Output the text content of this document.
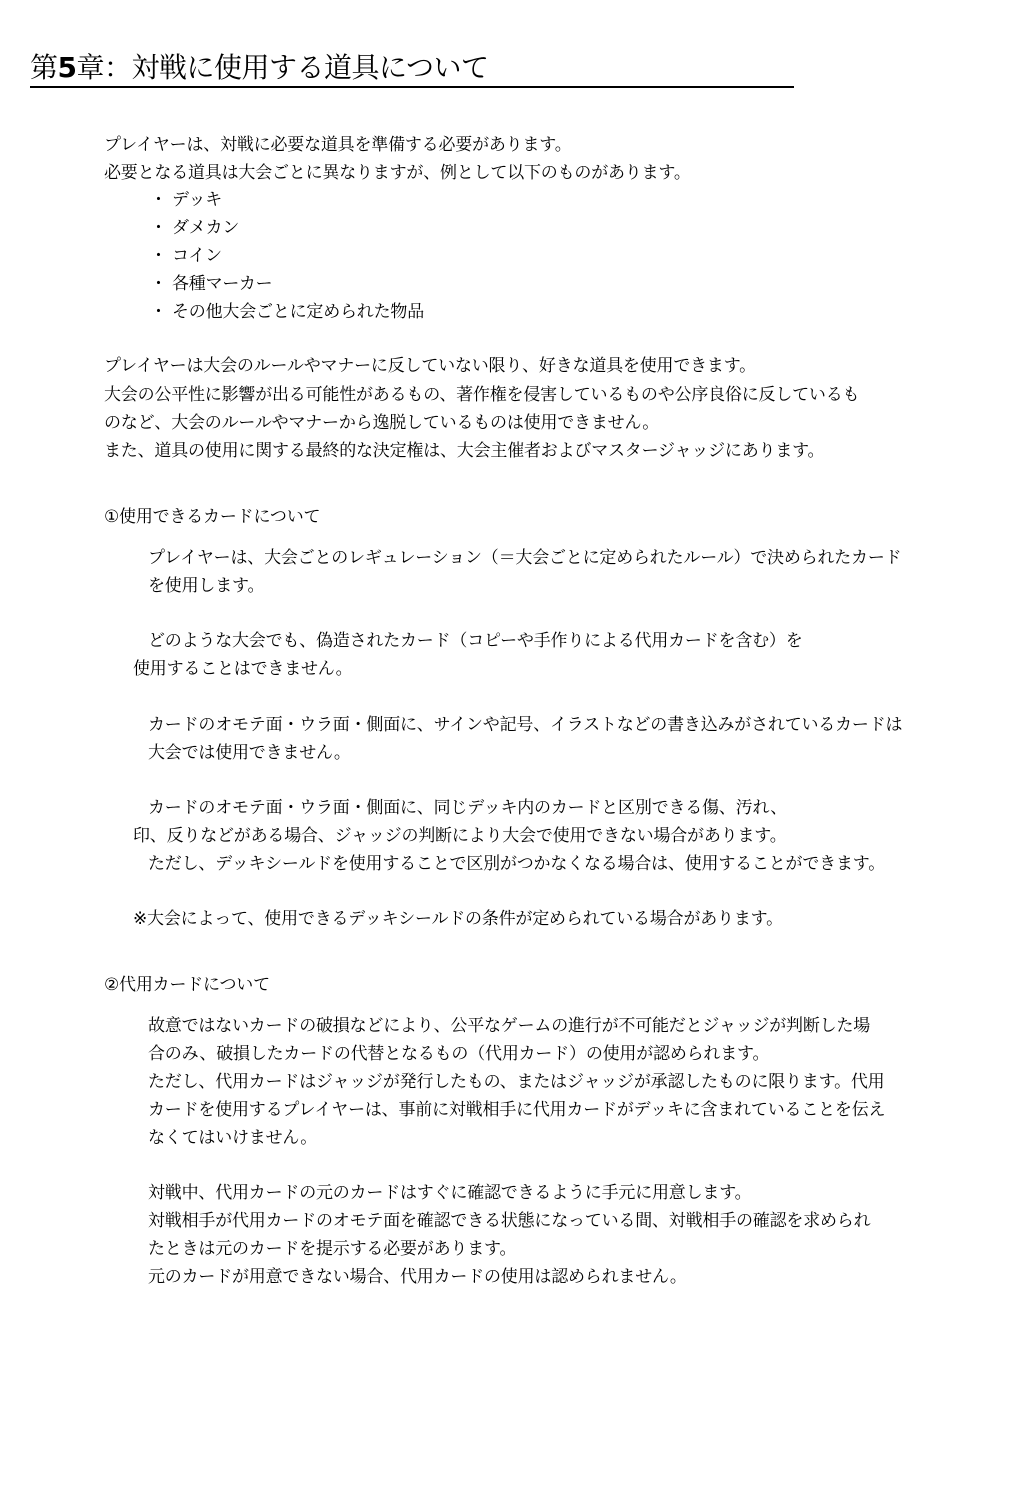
第5章：対戦に使用する道具について
プレイヤーは、対戦に必要な道具を準備する必要があります。
必要となる道具は大会ごとに異なりますが、例として以下のものがあります。
・ デッキ
・ ダメカン
・ コイン
・ 各種マーカー
・ その他大会ごとに定められた物品
プレイヤーは大会のルールやマナーに反していない限り、好きな道具を使用できます。
大会の公平性に影響が出る可能性があるもの、著作権を侵害しているものや公序良俗に反しているも
のなど、大会のルールやマナーから逸脱しているものは使用できません。
また、道具の使用に関する最終的な決定権は、大会主催者およびマスタージャッジにあります。
①使用できるカードについて
プレイヤーは、大会ごとのレギュレーション（＝大会ごとに定められたルール）で決められたカード
を使用します。
どのような大会でも、偽造されたカード（コピーや手作りによる代用カードを含む）を
使用することはできません。
カードのオモテ面・ウラ面・側面に、サインや記号、イラストなどの書き込みがされているカードは
大会では使用できません。
カードのオモテ面・ウラ面・側面に、同じデッキ内のカードと区別できる傷、汚れ、
印、反りなどがある場合、ジャッジの判断により大会で使用できない場合があります。
ただし、デッキシールドを使用することで区別がつかなくなる場合は、使用することができます。
※大会によって、使用できるデッキシールドの条件が定められている場合があります。
②代用カードについて
故意ではないカードの破損などにより、公平なゲームの進行が不可能だとジャッジが判断した場
合のみ、破損したカードの代替となるもの（代用カード）の使用が認められます。
ただし、代用カードはジャッジが発行したもの、またはジャッジが承認したものに限ります。代用
カードを使用するプレイヤーは、事前に対戦相手に代用カードがデッキに含まれていることを伝え
なくてはいけません。
対戦中、代用カードの元のカードはすぐに確認できるように手元に用意します。
対戦相手が代用カードのオモテ面を確認できる状態になっている間、対戦相手の確認を求められ
たときは元のカードを提示する必要があります。
元のカードが用意できない場合、代用カードの使用は認められません。
